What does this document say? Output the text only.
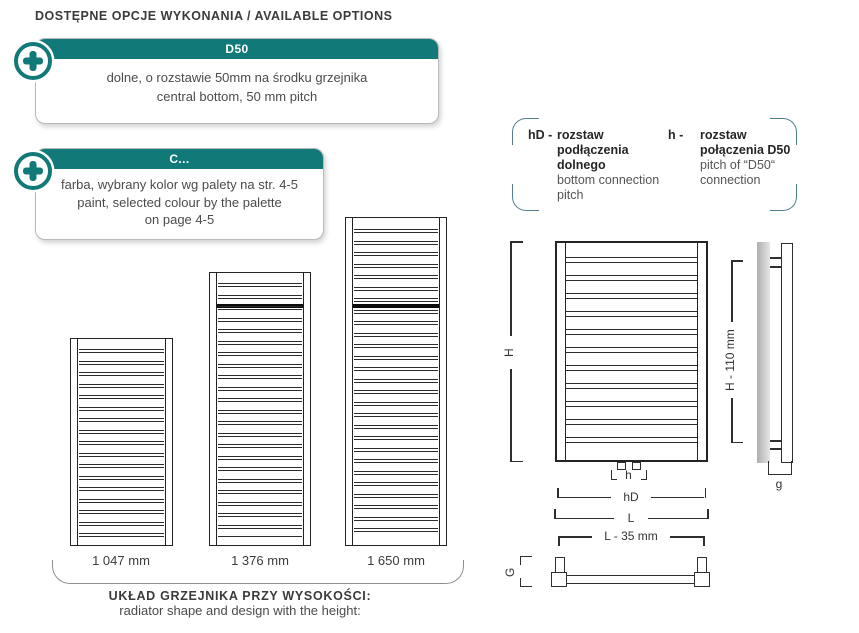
DOSTĘPNE OPCJE WYKONANIA / AVAILABLE OPTIONS
D50
dolne, o rozstawie 50mm na środku grzejnika
central bottom, 50 mm pitch
C...
farba, wybrany kolor wg palety na str. 4-5
paint, selected colour by the palette
on page 4-5
hD - rozstaw
podłączenia
dolnego
bottom connection
pitch
h - rozstaw
połączenia D50
pitch of “D50“
connection
1 047 mm	1 376 mm	1 650 mm
UKŁAD GRZEJNIKA PRZY WYSOKOŚCI:
radiator shape and design with the height:
h
H
hD
L
L - 35 mm
G
H - 110 mm
g
